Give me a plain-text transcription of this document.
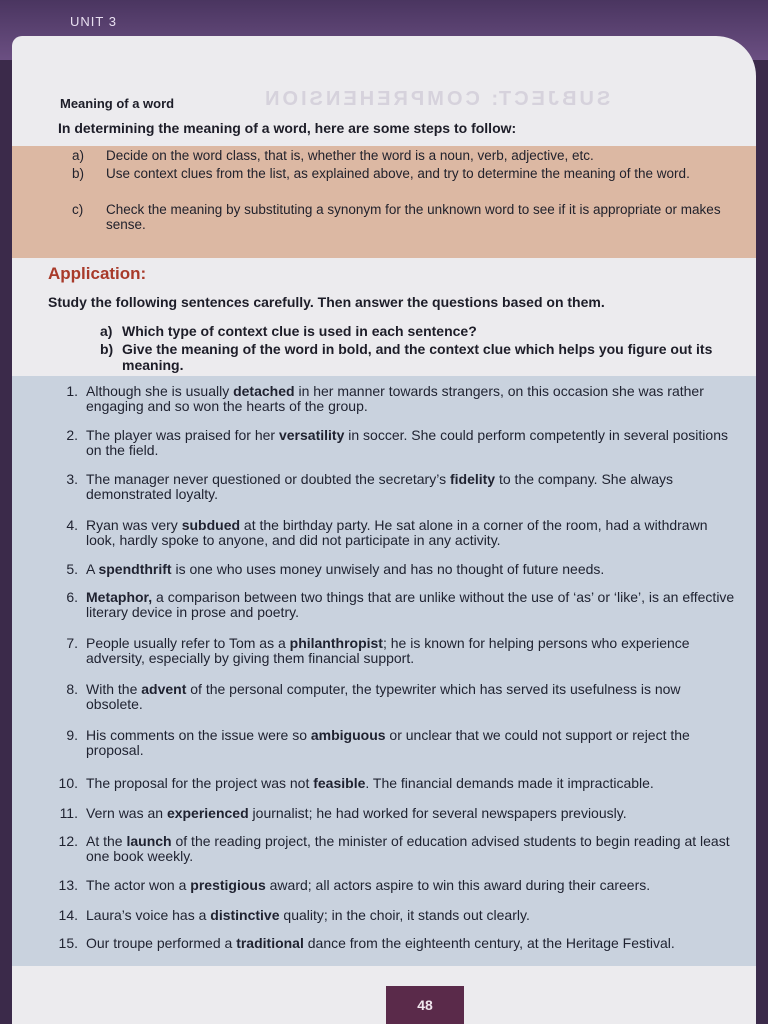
UNIT 3
SUBJECT: COMPREHENSION
Meaning of a word
In determining the meaning of a word, here are some steps to follow:
a)	Decide on the word class, that is, whether the word is a noun, verb, adjective, etc.
b)	Use context clues from the list, as explained above, and try to determine the meaning of the word.
c)	Check the meaning by substituting a synonym for the unknown word to see if it is appropriate or makes sense.
Application:
Study the following sentences carefully. Then answer the questions based on them.
a) Which type of context clue is used in each sentence?
b) Give the meaning of the word in bold, and the context clue which helps you figure out its meaning.
1. Although she is usually detached in her manner towards strangers, on this occasion she was rather engaging and so won the hearts of the group.
2. The player was praised for her versatility in soccer. She could perform competently in several positions on the field.
3. The manager never questioned or doubted the secretary’s fidelity to the company. She always demonstrated loyalty.
4. Ryan was very subdued at the birthday party. He sat alone in a corner of the room, had a withdrawn look, hardly spoke to anyone, and did not participate in any activity.
5. A spendthrift is one who uses money unwisely and has no thought of future needs.
6. Metaphor, a comparison between two things that are unlike without the use of ‘as’ or ‘like’, is an effective literary device in prose and poetry.
7. People usually refer to Tom as a philanthropist; he is known for helping persons who experience adversity, especially by giving them financial support.
8. With the advent of the personal computer, the typewriter which has served its usefulness is now obsolete.
9. His comments on the issue were so ambiguous or unclear that we could not support or reject the proposal.
10. The proposal for the project was not feasible. The financial demands made it impracticable.
11. Vern was an experienced journalist; he had worked for several newspapers previously.
12. At the launch of the reading project, the minister of education advised students to begin reading at least one book weekly.
13. The actor won a prestigious award; all actors aspire to win this award during their careers.
14. Laura’s voice has a distinctive quality; in the choir, it stands out clearly.
15. Our troupe performed a traditional dance from the eighteenth century, at the Heritage Festival.
48
